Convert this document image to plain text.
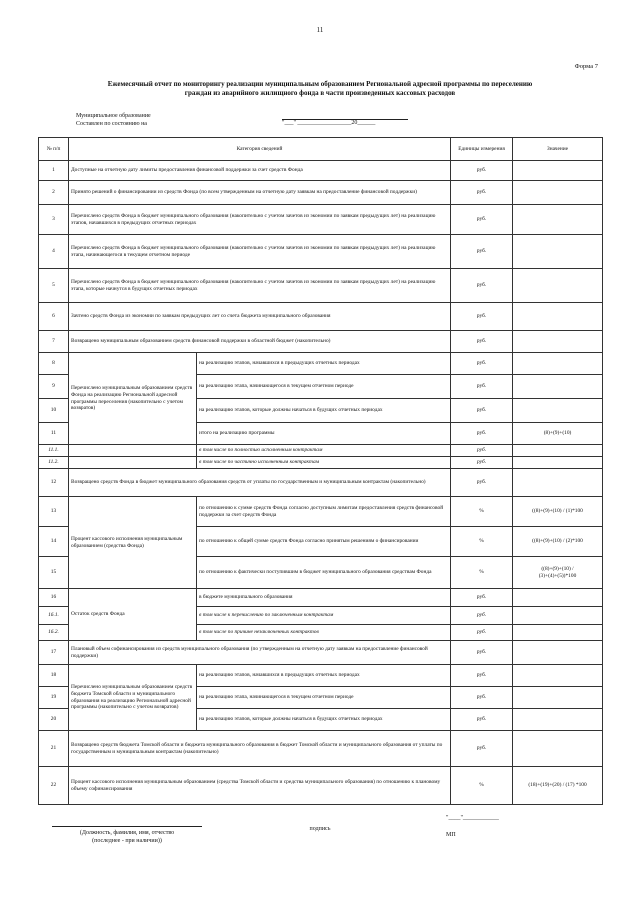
11
Форма 7
Ежемесячный отчет по мониторингу реализации муниципальным образованием Региональной адресной программы по переселению
граждан из аварийного жилищного фонда в части произведенных кассовых расходов
Муниципальное образование
Составлен по состоянию на	"___" __________________20______
№ п/п	Категория сведений		Единицы измерения	Значение
1	Доступные на отчетную дату лимиты предоставления финансовой поддержки за счет средств Фонда		руб.	
2	Принято решений о финансировании из средств Фонда (по всем утвержденным на отчетную дату заявкам на предоставление финансовой поддержки)		руб.	
3	Перечислено средств Фонда в бюджет муниципального образования (накопительно с учетом зачетов из экономии по заявкам предыдущих лет) на реализацию этапов, начавшихся в предыдущих отчетных периодах		руб.	
4	Перечислено средств Фонда в бюджет муниципального образования (накопительно с учетом зачетов из экономии по заявкам предыдущих лет) на реализацию этапа, начинающегося в текущем отчетном периоде		руб.	
5	Перечислено средств Фонда в бюджет муниципального образования (накопительно с учетом зачетов из экономии по заявкам предыдущих лет) на реализацию этапа, которые начнутся в будущих отчетных периодах		руб.	
6	Зачтено средств Фонда из экономии по заявкам предыдущих лет со счета бюджета муниципального образования		руб.	
7	Возвращено муниципальным образованием средств финансовой поддержки в областной бюджет (накопительно)		руб.	
8	Перечислено муниципальным образованием средств Фонда на реализацию Региональной адресной программы переселения (накопительно с учетом возвратов)	на реализацию этапов, начавшихся в предыдущих отчетных периодах	руб.	
9		на реализацию этапа, начинающегося в текущем отчетном периоде	руб.	
10		на реализацию этапов, которые должны начаться в будущих отчетных периодах	руб.	
11		итого на реализацию программы	руб.	(8)+(9)+(10)
11.1.		в том числе по полностью исполненным контрактам	руб.	
11.2.		в том числе по частично исполненным контрактам	руб.	
12	Возвращено средств Фонда в бюджет муниципального образования средств от уплаты по государственным и муниципальным контрактам (накопительно)		руб.	
13	Процент кассового исполнения муниципальным образованием (средства Фонда)	по отношению к сумме средств Фонда согласно доступным лимитам предоставления средств финансовой поддержки за счет средств Фонда	%	((8)+(9)+(10) / (1)*100
14		по отношению к общей сумме средств Фонда согласно принятым решениям о финансировании	%	((8)+(9)+(10) / (2)*100
15		по отношению к фактически поступившим в бюджет муниципального образования средствам Фонда	%	((8)+(9)+(10) /
(3)+(4)+(5))*100

16	Остаток средств Фонда	в бюджете муниципального образования	руб.	
16.1.		в том числе к перечислению по заключенным контрактам	руб.	
16.2.		в том числе по причине незаключенных контрактов	руб.	
17	Плановый объем софинансирования из средств муниципального образования (по утвержденным на отчетную дату заявкам на предоставление финансовой поддержки)		руб.	
18	Перечислено муниципальным образованием средств бюджета Томской области и муниципального образования на реализацию Региональной адресной программы (накопительно с учетом возвратов)	на реализацию этапов, начавшихся в предыдущих отчетных периодах	руб.	
19		на реализацию этапа, начинающегося в текущем отчетном периоде	руб.	
20		на реализацию этапов, которые должны начаться в будущих отчетных периодах	руб.	
21	Возвращено средств бюджета Томской области и бюджета муниципального образования в бюджет Томской области и муниципального образования от уплаты по государственным и муниципальным контрактам (накопительно)		руб.	
22	Процент кассового исполнения муниципальным образованием (средства Томской области и средства муниципального образования) по отношению к плановому объему софинансирования		%	(18)+(19)+(20) / (17) *100
(Должность, фамилия, имя, отчество
(последнее - при наличии))
подпись
"____"____________
МП
